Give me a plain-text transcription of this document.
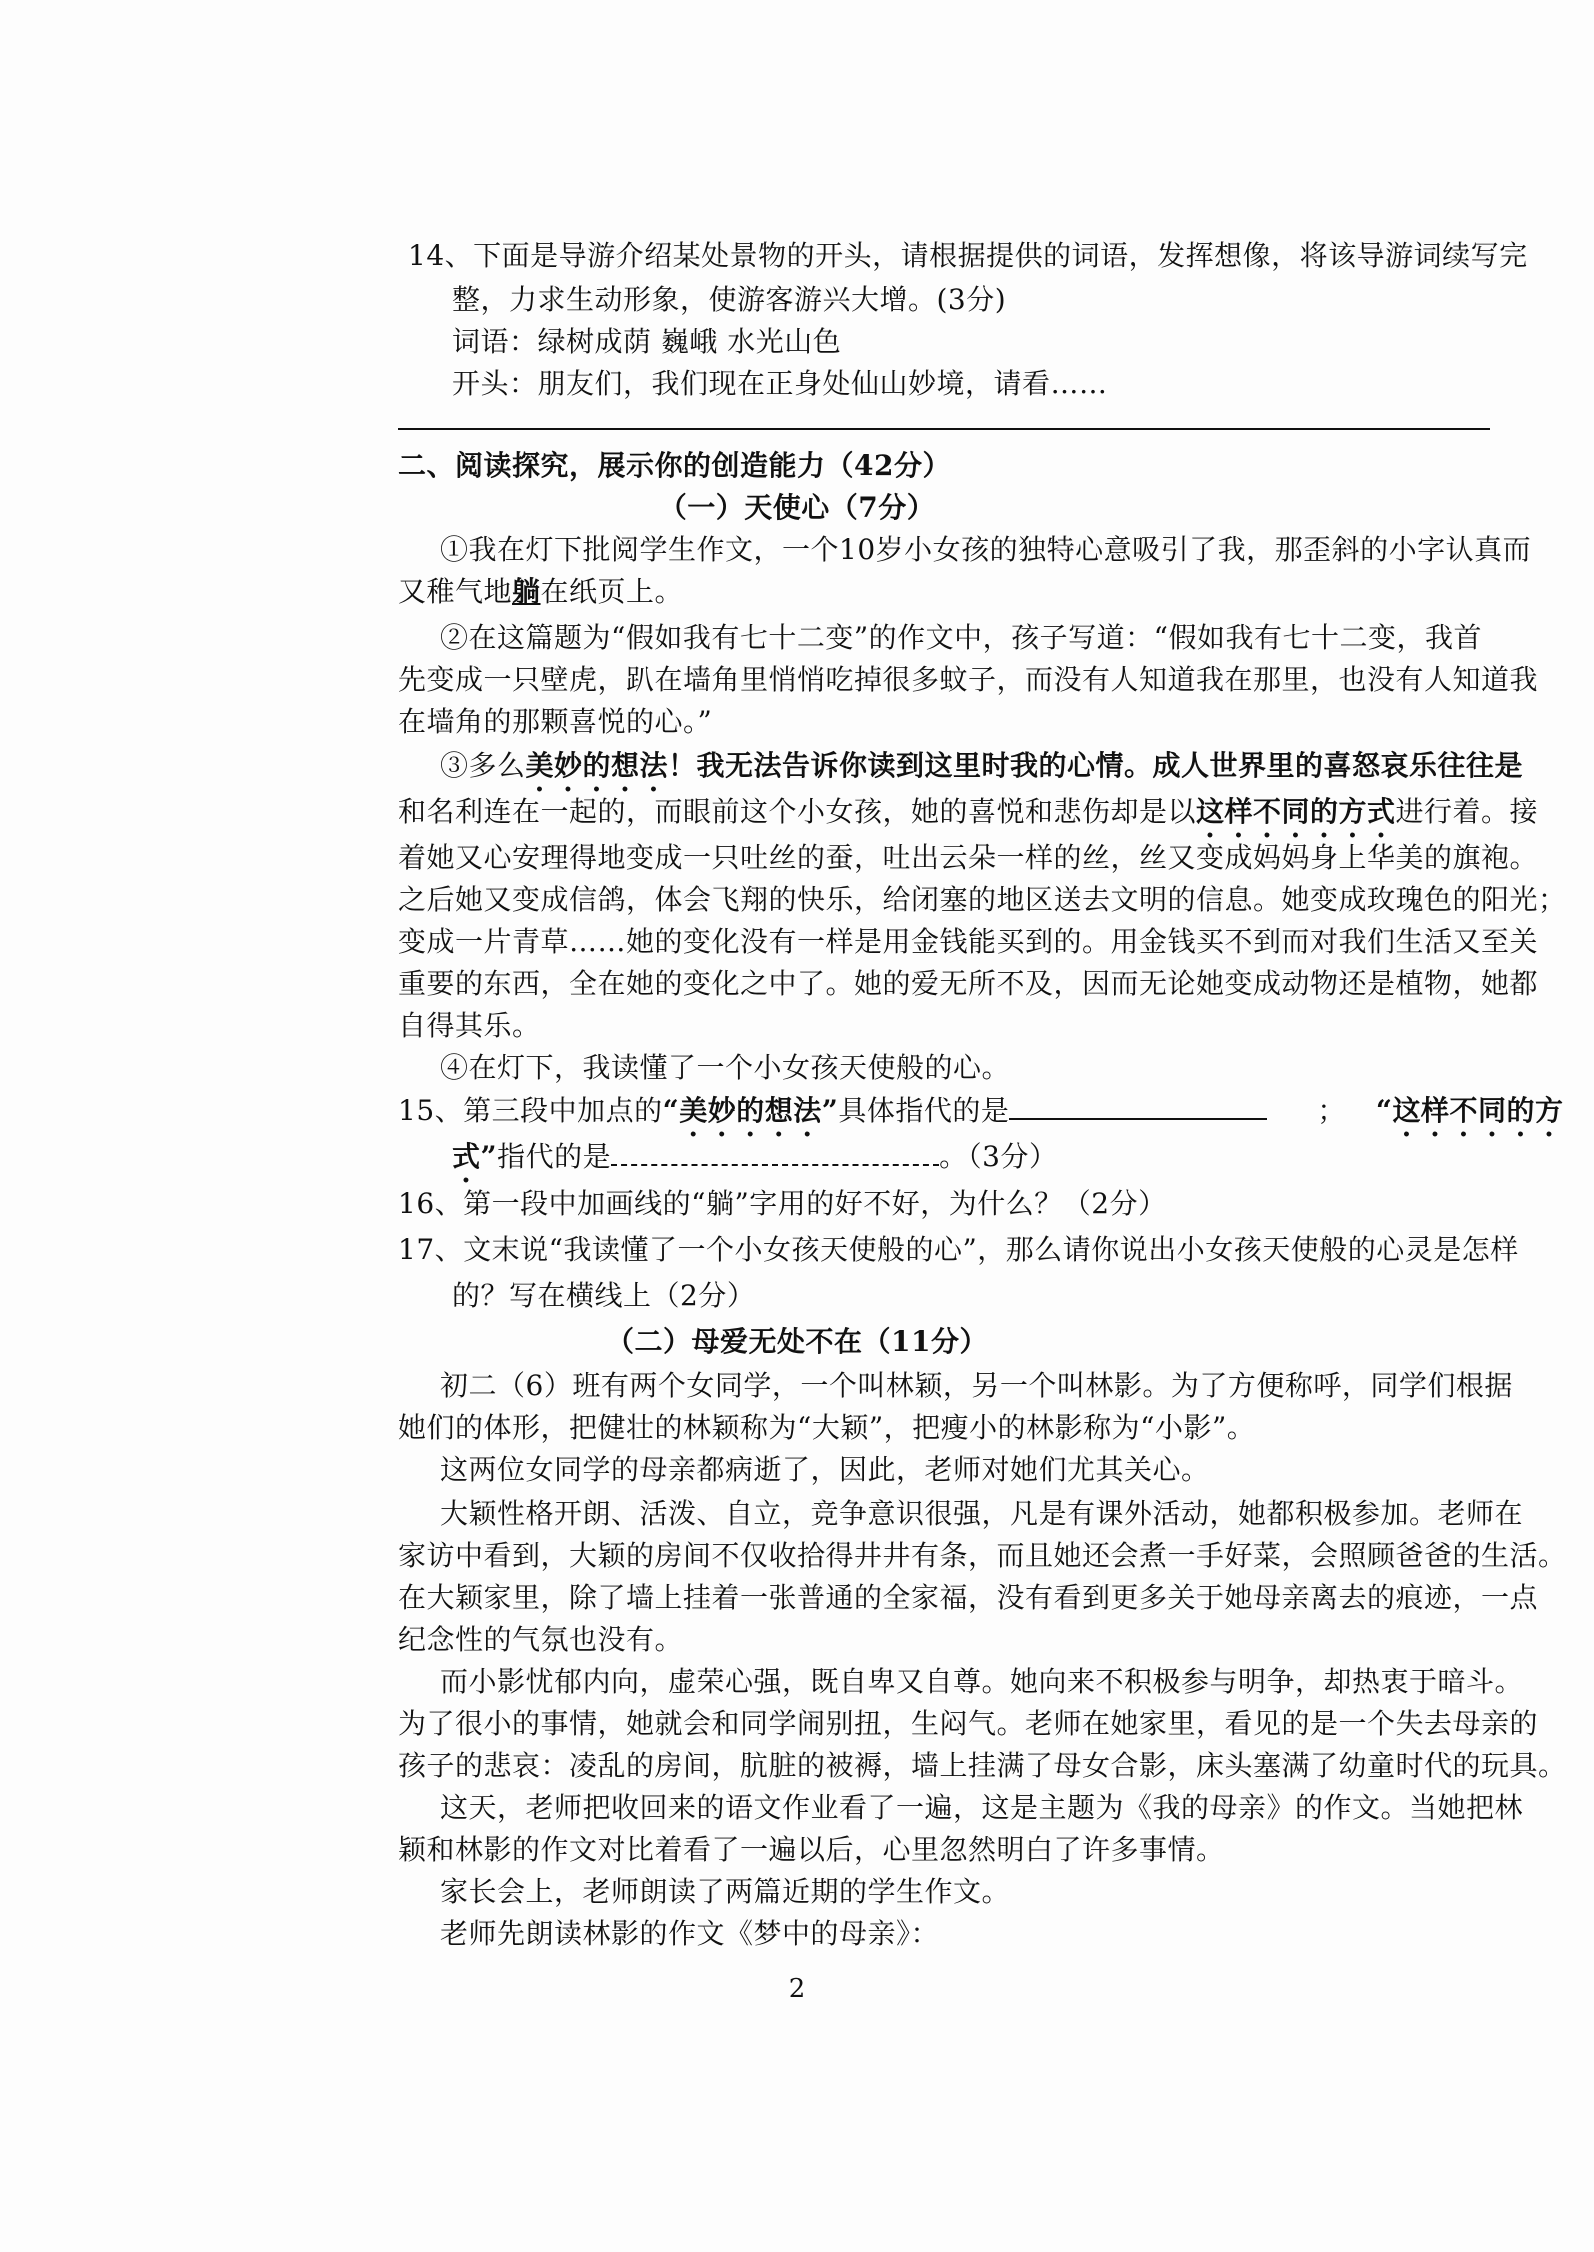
14、下面是导游介绍某处景物的开头，请根据提供的词语，发挥想像，将该导游词续写完
整，力求生动形象，使游客游兴大增。(3分)
词语：绿树成荫 巍峨 水光山色
开头：朋友们，我们现在正身处仙山妙境，请看……
二、阅读探究，展示你的创造能力（42分）
（一）天使心（7分）
①我在灯下批阅学生作文，一个10岁小女孩的独特心意吸引了我，那歪斜的小字认真而
又稚气地躺在纸页上。
②在这篇题为“假如我有七十二变”的作文中，孩子写道：“假如我有七十二变，我首
先变成一只壁虎，趴在墙角里悄悄吃掉很多蚊子，而没有人知道我在那里，也没有人知道我
在墙角的那颗喜悦的心。”
③多么美妙的想法！我无法告诉你读到这里时我的心情。成人世界里的喜怒哀乐往往是
和名利连在一起的，而眼前这个小女孩，她的喜悦和悲伤却是以这样不同的方式进行着。接
着她又心安理得地变成一只吐丝的蚕，吐出云朵一样的丝，丝又变成妈妈身上华美的旗袍。
之后她又变成信鸽，体会飞翔的快乐，给闭塞的地区送去文明的信息。她变成玫瑰色的阳光；
变成一片青草……她的变化没有一样是用金钱能买到的。用金钱买不到而对我们生活又至关
重要的东西，全在她的变化之中了。她的爱无所不及，因而无论她变成动物还是植物，她都
自得其乐。
④在灯下，我读懂了一个小女孩天使般的心。
15、第三段中加点的“美妙的想法”具体指代的是	； “这样不同的方
式”指代的是	。（3分）
16、第一段中加画线的“躺”字用的好不好，为什么？（2分）
17、文末说“我读懂了一个小女孩天使般的心”，那么请你说出小女孩天使般的心灵是怎样
的？写在横线上（2分）
（二）母爱无处不在（11分）
初二（6）班有两个女同学，一个叫林颖，另一个叫林影。为了方便称呼，同学们根据
她们的体形，把健壮的林颖称为“大颖”，把瘦小的林影称为“小影”。
这两位女同学的母亲都病逝了，因此，老师对她们尤其关心。
大颖性格开朗、活泼、自立，竞争意识很强，凡是有课外活动，她都积极参加。老师在
家访中看到，大颖的房间不仅收拾得井井有条，而且她还会煮一手好菜，会照顾爸爸的生活。
在大颖家里，除了墙上挂着一张普通的全家福，没有看到更多关于她母亲离去的痕迹，一点
纪念性的气氛也没有。
而小影忧郁内向，虚荣心强，既自卑又自尊。她向来不积极参与明争，却热衷于暗斗。
为了很小的事情，她就会和同学闹别扭，生闷气。老师在她家里，看见的是一个失去母亲的
孩子的悲哀：凌乱的房间，肮脏的被褥，墙上挂满了母女合影，床头塞满了幼童时代的玩具。
这天，老师把收回来的语文作业看了一遍，这是主题为《我的母亲》的作文。当她把林
颖和林影的作文对比着看了一遍以后，心里忽然明白了许多事情。
家长会上，老师朗读了两篇近期的学生作文。
老师先朗读林影的作文《梦中的母亲》：
2
